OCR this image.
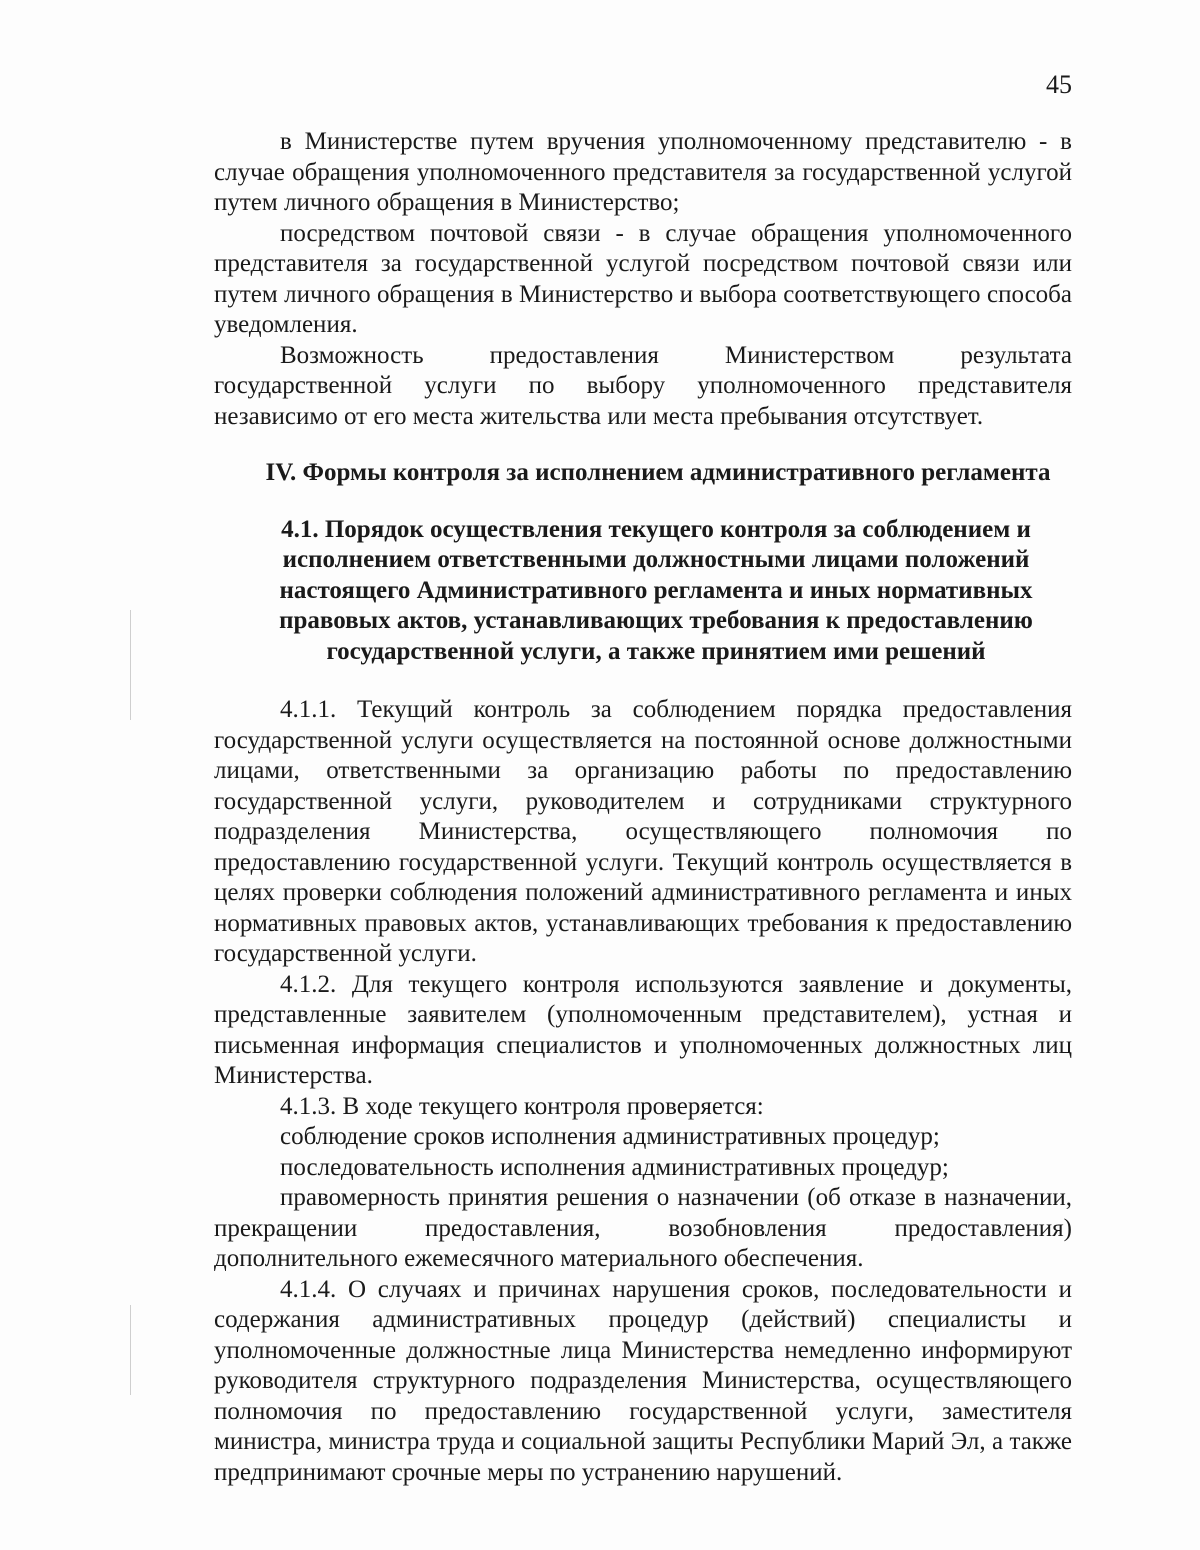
45

в Министерстве путем вручения уполномоченному представителю - в случае обращения уполномоченного представителя за государственной услугой путем личного обращения в Министерство;

посредством почтовой связи - в случае обращения уполномоченного представителя за государственной услугой посредством почтовой связи или путем личного обращения в Министерство и выбора соответствующего способа уведомления.

Возможность предоставления Министерством результата государственной услуги по выбору уполномоченного представителя независимо от его места жительства или места пребывания отсутствует.

IV. Формы контроля за исполнением административного регламента
4.1. Порядок осуществления текущего контроля за соблюдением и исполнением ответственными должностными лицами положений настоящего Административного регламента и иных нормативных правовых актов, устанавливающих требования к предоставлению государственной услуги, а также принятием ими решений

4.1.1. Текущий контроль за соблюдением порядка предоставления государственной услуги осуществляется на постоянной основе должностными лицами, ответственными за организацию работы по предоставлению государственной услуги, руководителем и сотрудниками структурного подразделения Министерства, осуществляющего полномочия по предоставлению государственной услуги. Текущий контроль осуществляется в целях проверки соблюдения положений административного регламента и иных нормативных правовых актов, устанавливающих требования к предоставлению государственной услуги.

4.1.2. Для текущего контроля используются заявление и документы, представленные заявителем (уполномоченным представителем), устная и письменная информация специалистов и уполномоченных должностных лиц Министерства.

4.1.3. В ходе текущего контроля проверяется:

соблюдение сроков исполнения административных процедур;

последовательность исполнения административных процедур;

правомерность принятия решения о назначении (об отказе в назначении, прекращении предоставления, возобновления предоставления) дополнительного ежемесячного материального обеспечения.

4.1.4. О случаях и причинах нарушения сроков, последовательности и содержания административных процедур (действий) специалисты и уполномоченные должностные лица Министерства немедленно информируют руководителя структурного подразделения Министерства, осуществляющего полномочия по предоставлению государственной услуги, заместителя министра, министра труда и социальной защиты Республики Марий Эл, а также предпринимают срочные меры по устранению нарушений.
